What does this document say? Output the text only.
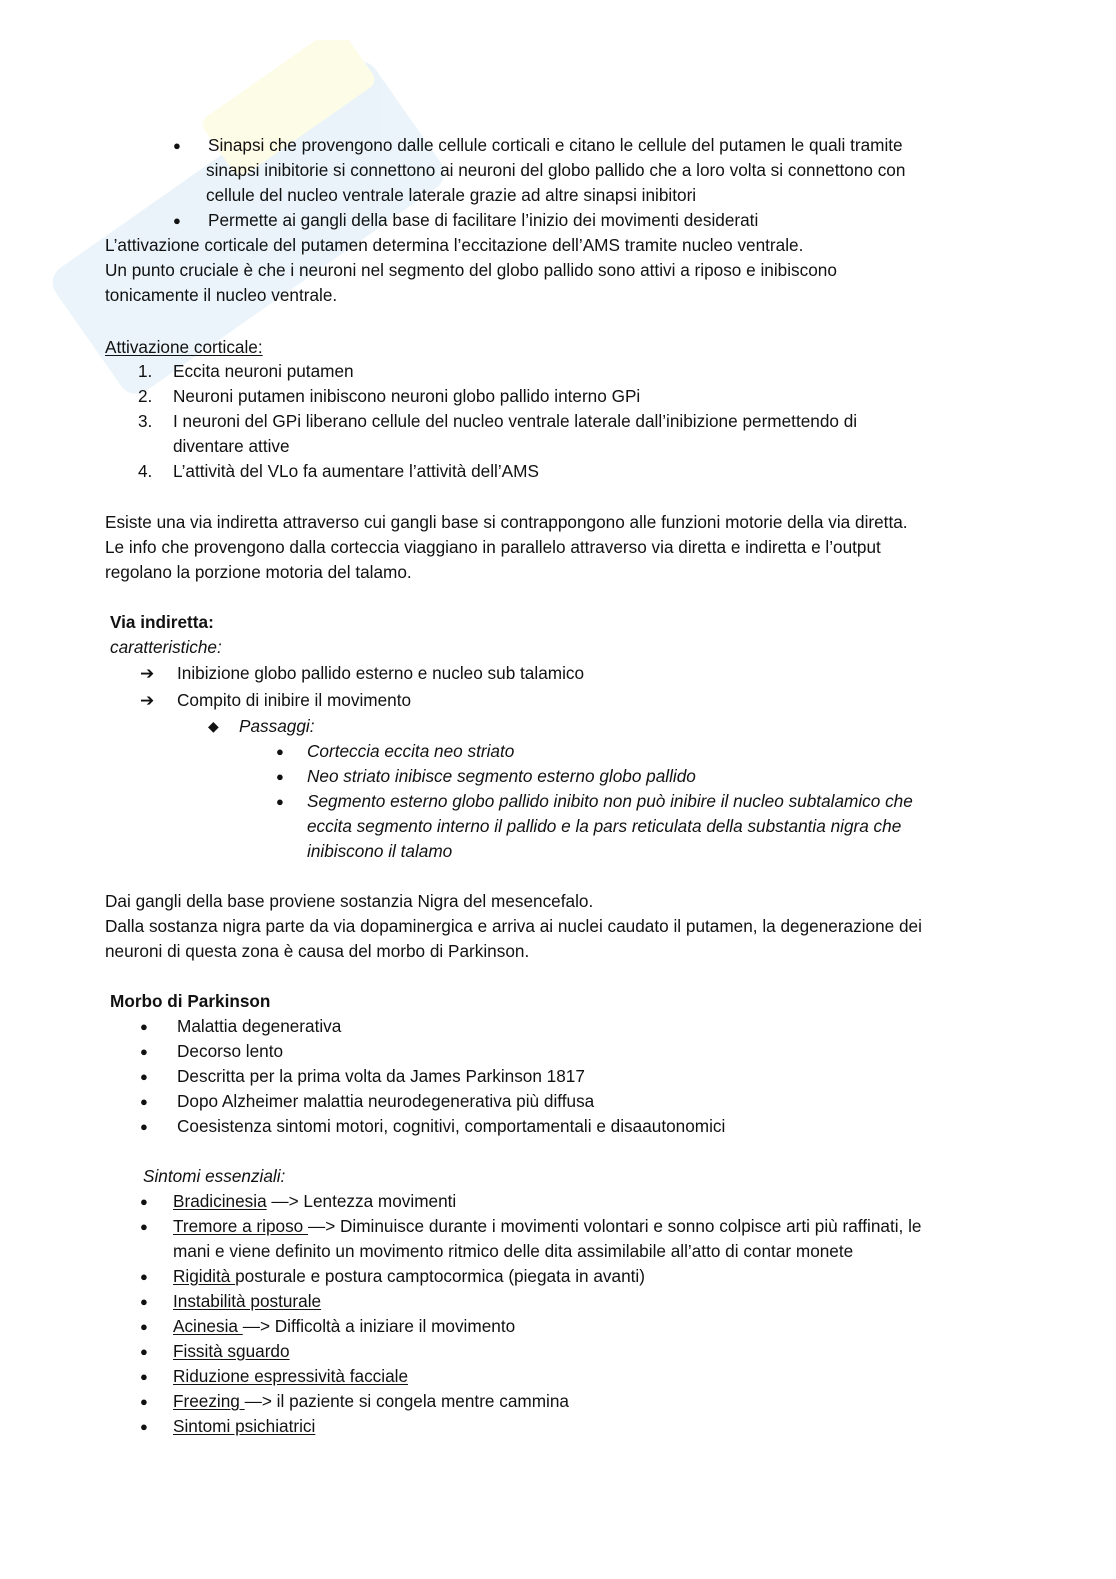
● Sinapsi che provengono dalle cellule corticali e citano le cellule del putamen le quali tramite
sinapsi inibitorie si connettono ai neuroni del globo pallido che a loro volta si connettono con
cellule del nucleo ventrale laterale grazie ad altre sinapsi inibitori
● Permette ai gangli della base di facilitare l’inizio dei movimenti desiderati
L’attivazione corticale del putamen determina l’eccitazione dell’AMS tramite nucleo ventrale.
Un punto cruciale è che i neuroni nel segmento del globo pallido sono attivi a riposo e inibiscono
tonicamente il nucleo ventrale.
Attivazione corticale:
1. Eccita neuroni putamen
2. Neuroni putamen inibiscono neuroni globo pallido interno GPi
3. I neuroni del GPi liberano cellule del nucleo ventrale laterale dall’inibizione permettendo di
diventare attive
4. L’attività del VLo fa aumentare l’attività dell’AMS
Esiste una via indiretta attraverso cui gangli base si contrappongono alle funzioni motorie della via diretta.
Le info che provengono dalla corteccia viaggiano in parallelo attraverso via diretta e indiretta e l’output
regolano la porzione motoria del talamo.
Via indiretta:
caratteristiche:
➔ Inibizione globo pallido esterno e nucleo sub talamico
➔ Compito di inibire il movimento
◆ Passaggi:
● Corteccia eccita neo striato
● Neo striato inibisce segmento esterno globo pallido
● Segmento esterno globo pallido inibito non può inibire il nucleo subtalamico che
eccita segmento interno il pallido e la pars reticulata della substantia nigra che
inibiscono il talamo
Dai gangli della base proviene sostanzia Nigra del mesencefalo.
Dalla sostanza nigra parte da via dopaminergica e arriva ai nuclei caudato il putamen, la degenerazione dei
neuroni di questa zona è causa del morbo di Parkinson.
Morbo di Parkinson
● Malattia degenerativa
● Decorso lento
● Descritta per la prima volta da James Parkinson 1817
● Dopo Alzheimer malattia neurodegenerativa più diffusa
● Coesistenza sintomi motori, cognitivi, comportamentali e disaautonomici
Sintomi essenziali:
● Bradicinesia —> Lentezza movimenti
● Tremore a riposo —> Diminuisce durante i movimenti volontari e sonno colpisce arti più raffinati, le
mani e viene definito un movimento ritmico delle dita assimilabile all’atto di contar monete
● Rigidità posturale e postura camptocormica (piegata in avanti)
● Instabilità posturale
● Acinesia —> Difficoltà a iniziare il movimento
● Fissità sguardo
● Riduzione espressività facciale
● Freezing —> il paziente si congela mentre cammina
● Sintomi psichiatrici
